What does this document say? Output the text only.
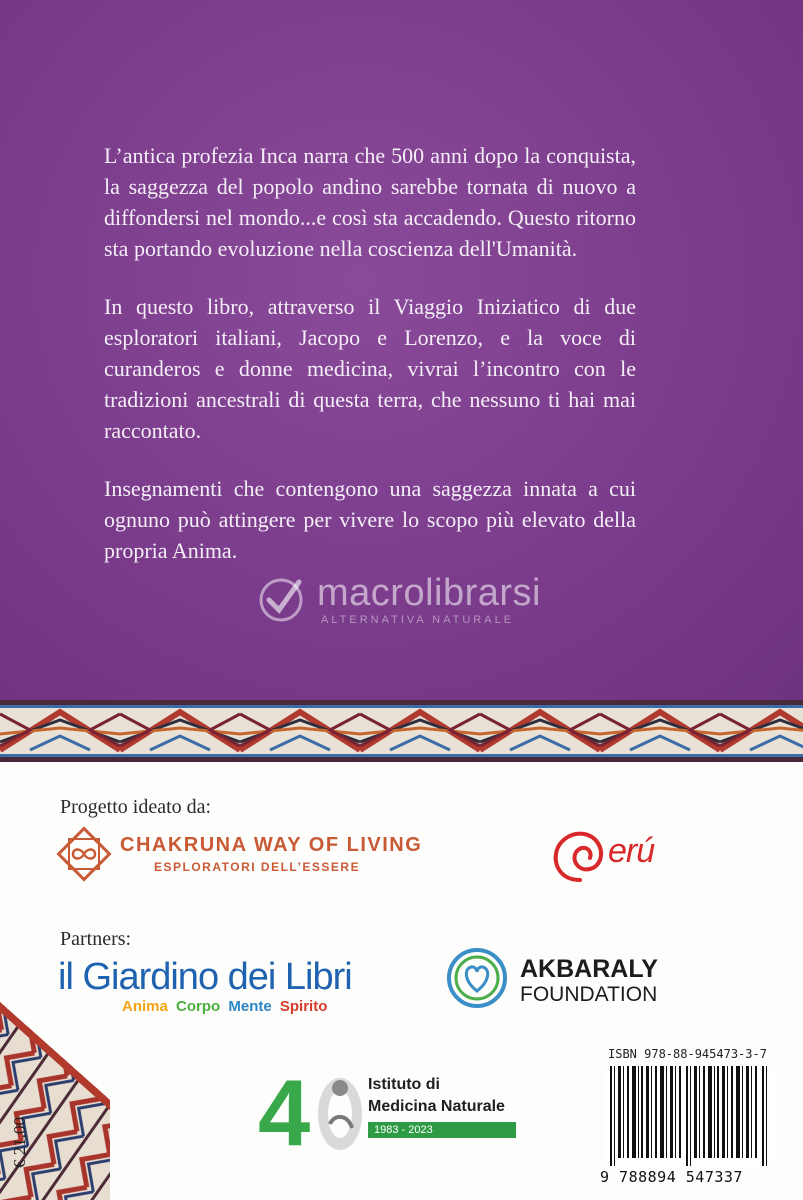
L’antica profezia Inca narra che 500 anni dopo la conquista, la saggezza del popolo andino sarebbe tornata di nuovo a diffondersi nel mondo...e così sta accadendo. Questo ritorno sta portando evoluzione nella coscienza dell'Umanità.

In questo libro, attraverso il Viaggio Iniziatico di due esploratori italiani, Jacopo e Lorenzo, e la voce di curanderos e donne medicina, vivrai l’incontro con le tradizioni ancestrali di questa terra, che nessuno ti hai mai raccontato.

Insegnamenti che contengono una saggezza innata a cui ognuno può attingere per vivere lo scopo più elevato della propria Anima.

macrolibrarsi
ALTERNATIVA NATURALE
€ 21,00
Progetto ideato da:
CHAKRUNA WAY OF LIVING
ESPLORATORI DELL’ESSERE	erú
Partners:
il Giardino dei Libri
Anima Corpo Mente Spirito
AKBARALY
FOUNDATION
4	Istituto di
Medicina Naturale
1983 - 2023
ISBN 978-88-945473-3-7
9 788894 547337
